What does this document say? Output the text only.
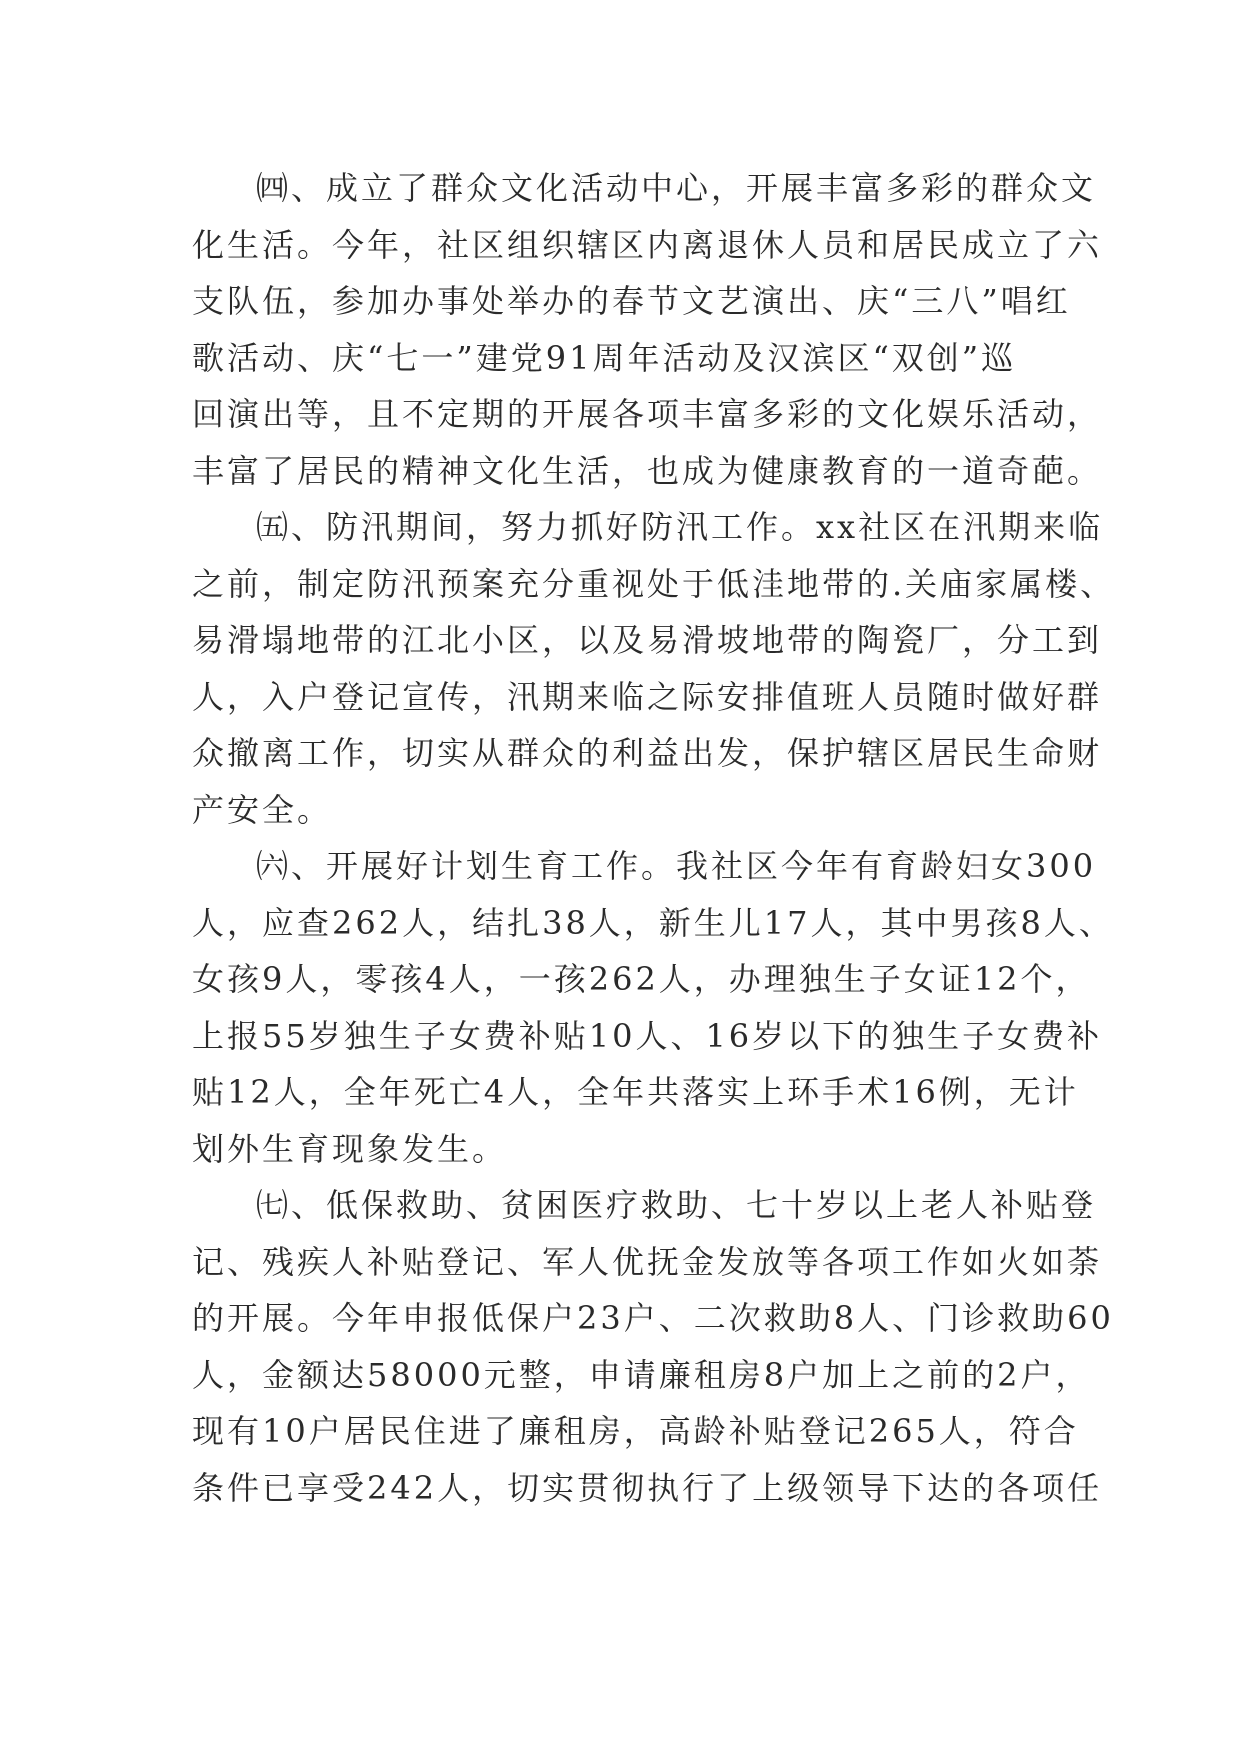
㈣、成立了群众文化活动中心，开展丰富多彩的群众文
化生活。今年，社区组织辖区内离退休人员和居民成立了六
支队伍，参加办事处举办的春节文艺演出、庆“三八”唱红
歌活动、庆“七一”建党91周年活动及汉滨区“双创”巡
回演出等，且不定期的开展各项丰富多彩的文化娱乐活动，
丰富了居民的精神文化生活，也成为健康教育的一道奇葩。
㈤、防汛期间，努力抓好防汛工作。xx社区在汛期来临
之前，制定防汛预案充分重视处于低洼地带的.关庙家属楼、
易滑塌地带的江北小区，以及易滑坡地带的陶瓷厂，分工到
人，入户登记宣传，汛期来临之际安排值班人员随时做好群
众撤离工作，切实从群众的利益出发，保护辖区居民生命财
产安全。
㈥、开展好计划生育工作。我社区今年有育龄妇女300
人，应查262人，结扎38人，新生儿17人，其中男孩8人、
女孩9人，零孩4人，一孩262人，办理独生子女证12个，
上报55岁独生子女费补贴10人、16岁以下的独生子女费补
贴12人，全年死亡4人，全年共落实上环手术16例，无计
划外生育现象发生。
㈦、低保救助、贫困医疗救助、七十岁以上老人补贴登
记、残疾人补贴登记、军人优抚金发放等各项工作如火如荼
的开展。今年申报低保户23户、二次救助8人、门诊救助60
人，金额达58000元整，申请廉租房8户加上之前的2户，
现有10户居民住进了廉租房，高龄补贴登记265人，符合
条件已享受242人，切实贯彻执行了上级领导下达的各项任
